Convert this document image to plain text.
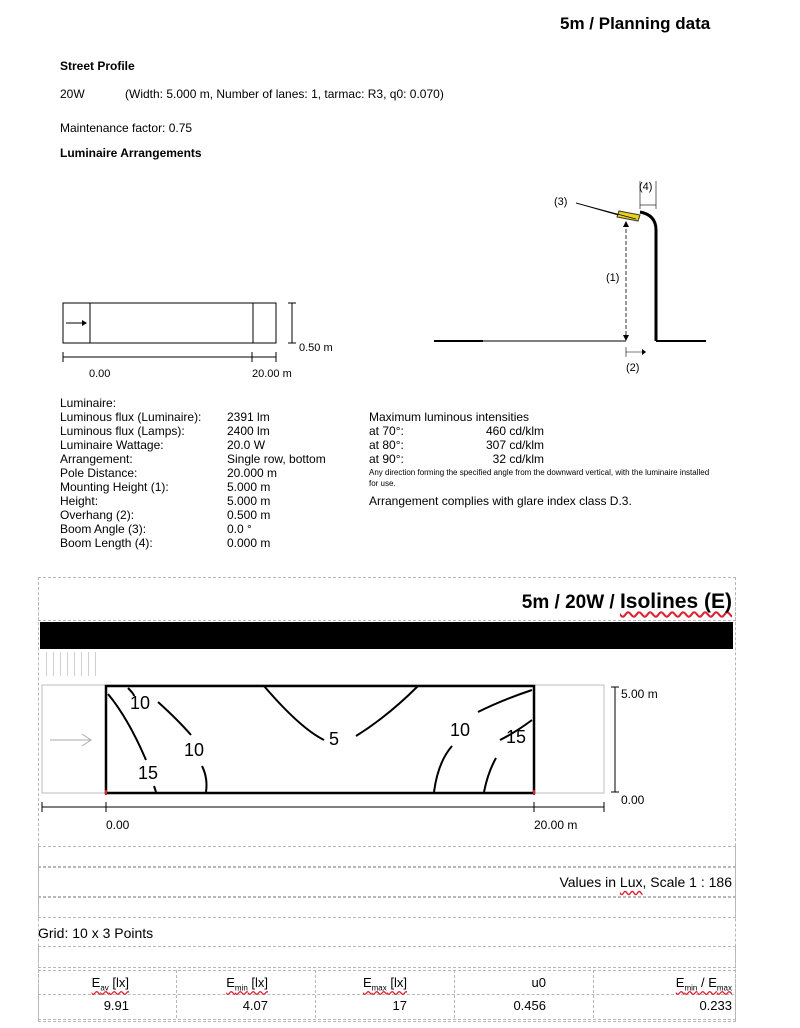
5m / Planning data
Street Profile
20W	(Width: 5.000 m, Number of lanes: 1, tarmac: R3, q0: 0.070)
Maintenance factor: 0.75
Luminaire Arrangements
0.50 m
0.00	20.00 m
(3)
(4)
(1)
(2)
Luminaire:
Luminous flux (Luminaire): 2391 lm
Luminous flux (Lamps):	2400 lm
Luminaire Wattage:	20.0 W
Arrangement:	Single row, bottom
Pole Distance:	20.000 m
Mounting Height (1):	5.000 m
Height:	5.000 m
Overhang (2):	0.500 m
Boom Angle (3):	0.0 °
Boom Length (4):	0.000 m
Maximum luminous intensities
at 70°:	460 cd/klm
at 80°:	307 cd/klm
at 90°:	32 cd/klm
Any direction forming the specified angle from the downward vertical, with the luminaire installed for use.
Arrangement complies with glare index class D.3.
5m / 20W / Isolines (E)
10
10
15
5	10 15
5.00 m
0.00
0.00	20.00 m
Values in Lux, Scale 1 : 186
Grid: 10 x 3 Points
$E_{av}$ [lx]	$E_{min}$ [lx]	$E_{max}$ [lx]	u0	$E_{min} / E_{max}$
9.91	4.07	17	0.456	0.233
